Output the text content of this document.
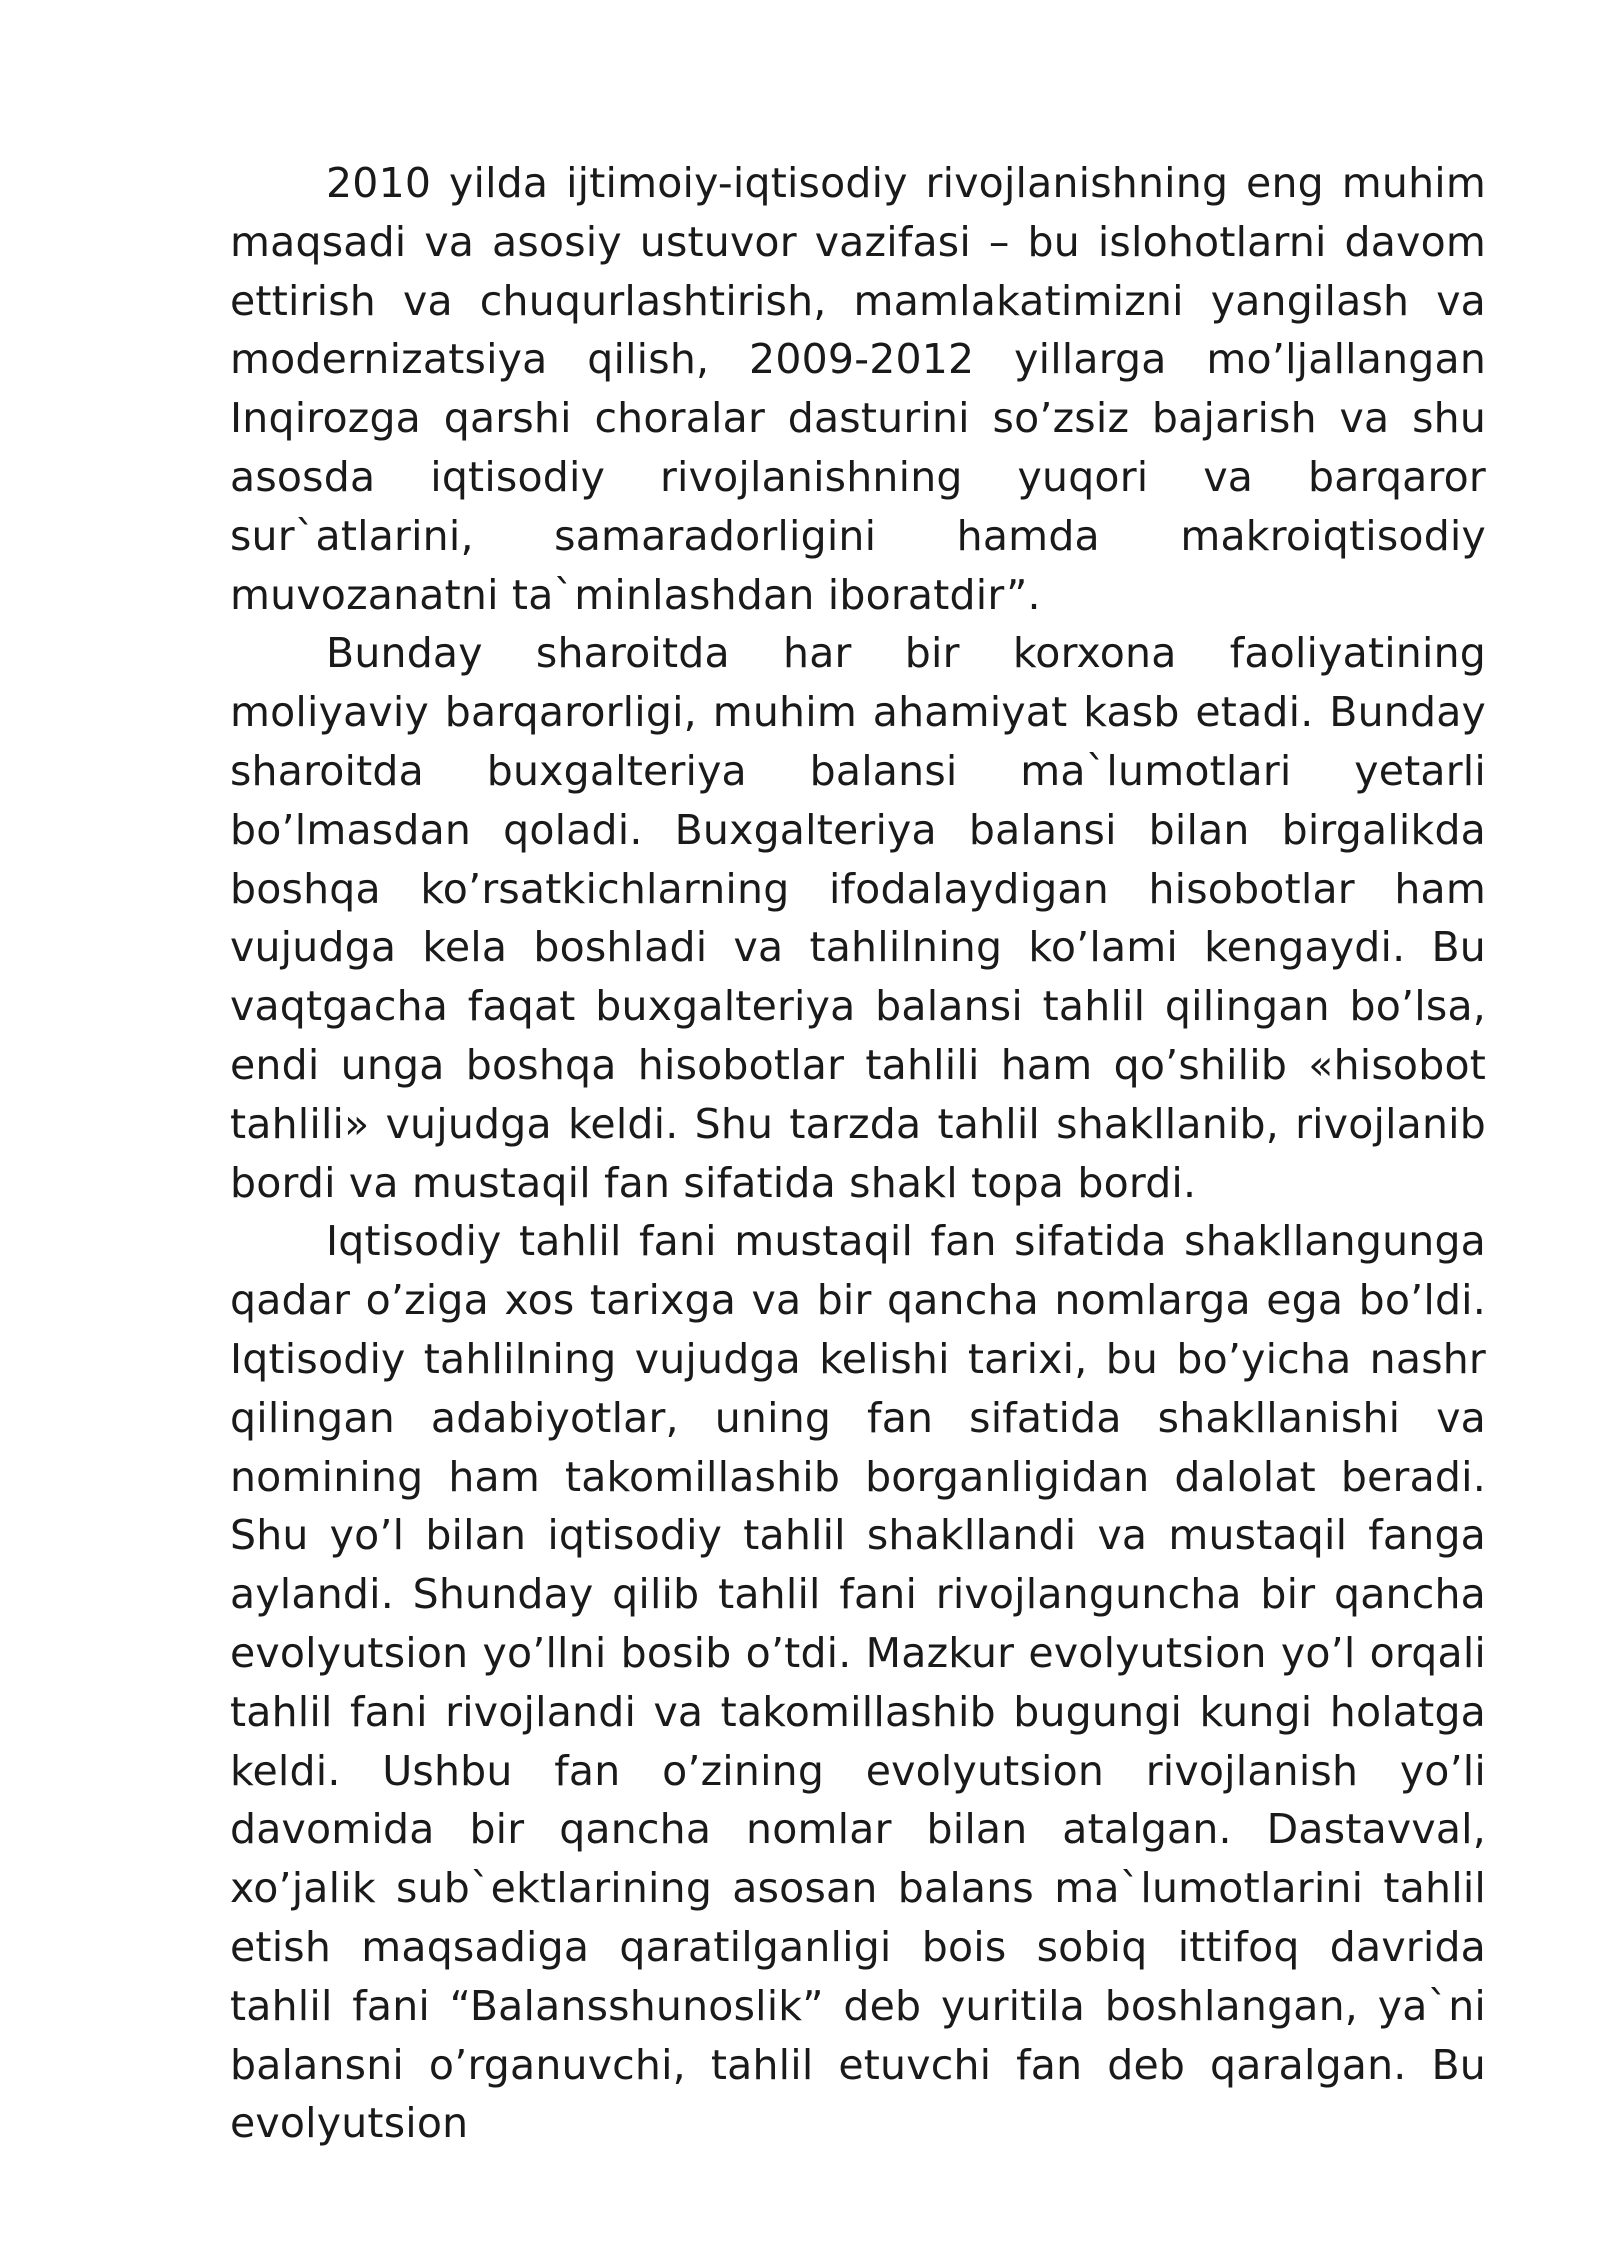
2010 yilda ijtimoiy-iqtisodiy rivojlanishning eng muhim maqsadi va asosiy ustuvor vazifasi – bu islohotlarni davom ettirish va chuqurlashtirish, mamlakatimizni yangilash va modernizatsiya qilish, 2009-2012 yillarga mo’ljallangan Inqirozga qarshi choralar dasturini so’zsiz bajarish va shu asosda iqtisodiy rivojlanishning yuqori va barqaror sur`atlarini, samaradorligini hamda makroiqtisodiy muvozanatni ta`minlashdan iboratdir”.

Bunday sharoitda har bir korxona faoliyatining moliyaviy barqarorligi, muhim ahamiyat kasb etadi. Bunday sharoitda buxgalteriya balansi ma`lumotlari yetarli bo’lmasdan qoladi. Buxgalteriya balansi bilan birgalikda boshqa ko’rsatkichlarning ifodalaydigan hisobotlar ham vujudga kela boshladi va tahlilning ko’lami kengaydi. Bu vaqtgacha faqat buxgalteriya balansi tahlil qilingan bo’lsa, endi unga boshqa hisobotlar tahlili ham qo’shilib «hisobot tahlili» vujudga keldi. Shu tarzda tahlil shakllanib, rivojlanib bordi va mustaqil fan sifatida shakl topa bordi.

Iqtisodiy tahlil fani mustaqil fan sifatida shakllangunga qadar o’ziga xos tarixga va bir qancha nomlarga ega bo’ldi. Iqtisodiy tahlilning vujudga kelishi tarixi, bu bo’yicha nashr qilingan adabiyotlar, uning fan sifatida shakllanishi va nomining ham takomillashib borganligidan dalolat beradi. Shu yo’l bilan iqtisodiy tahlil shakllandi va mustaqil fanga aylandi. Shunday qilib tahlil fani rivojlanguncha bir qancha evolyutsion yo’llni bosib o’tdi. Mazkur evolyutsion yo’l orqali tahlil fani rivojlandi va takomillashib bugungi kungi holatga keldi. Ushbu fan o’zining evolyutsion rivojlanish yo’li davomida bir qancha nomlar bilan atalgan. Dastavval, xo’jalik sub`ektlarining asosan balans ma`lumotlarini tahlil etish maqsadiga qaratilganligi bois sobiq ittifoq davrida tahlil fani “Balansshunoslik” deb yuritila boshlangan, ya`ni balansni o’rganuvchi, tahlil etuvchi fan deb qaralgan. Bu evolyutsion
